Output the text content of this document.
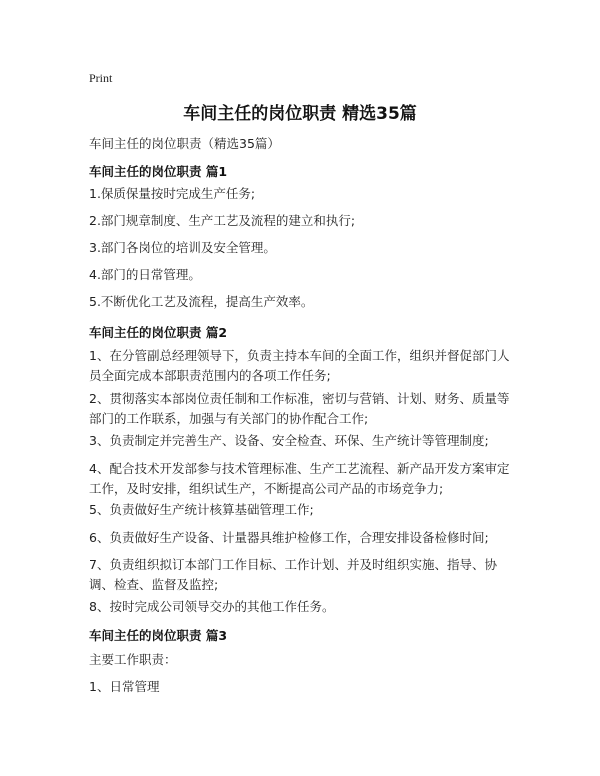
Print
车间主任的岗位职责 精选35篇
车间主任的岗位职责（精选35篇）
车间主任的岗位职责 篇1
1.保质保量按时完成生产任务;
2.部门规章制度、生产工艺及流程的建立和执行;
3.部门各岗位的培训及安全管理。
4.部门的日常管理。
5.不断优化工艺及流程，提高生产效率。
车间主任的岗位职责 篇2
1、在分管副总经理领导下，负责主持本车间的全面工作，组织并督促部门人员全面完成本部职责范围内的各项工作任务;
2、贯彻落实本部岗位责任制和工作标准，密切与营销、计划、财务、质量等部门的工作联系，加强与有关部门的协作配合工作;
3、负责制定并完善生产、设备、安全检查、环保、生产统计等管理制度;
4、配合技术开发部参与技术管理标准、生产工艺流程、新产品开发方案审定工作，及时安排，组织试生产，不断提高公司产品的市场竞争力;
5、负责做好生产统计核算基础管理工作;
6、负责做好生产设备、计量器具维护检修工作，合理安排设备检修时间;
7、负责组织拟订本部门工作目标、工作计划、并及时组织实施、指导、协调、检查、监督及监控;
8、按时完成公司领导交办的其他工作任务。
车间主任的岗位职责 篇3
主要工作职责：
1、日常管理
